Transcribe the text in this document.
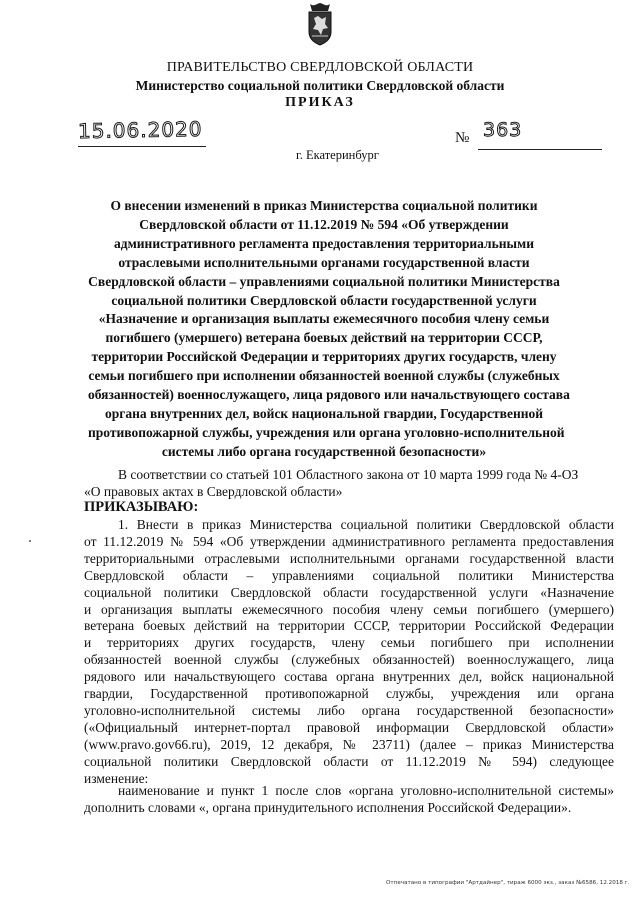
ПРАВИТЕЛЬСТВО СВЕРДЛОВСКОЙ ОБЛАСТИ
Министерство социальной политики Свердловской области
ПРИКАЗ
15.06.2020	№ 363
г. Екатеринбург
О внесении изменений в приказ Министерства социальной политики
Свердловской области от 11.12.2019 № 594 «Об утверждении
административного регламента предоставления территориальными
отраслевыми исполнительными органами государственной власти
Свердловской области – управлениями социальной политики Министерства
социальной политики Свердловской области государственной услуги
«Назначение и организация выплаты ежемесячного пособия члену семьи
погибшего (умершего) ветерана боевых действий на территории СССР,
территории Российской Федерации и территориях других государств, члену
семьи погибшего при исполнении обязанностей военной службы (служебных
обязанностей) военнослужащего, лица рядового или начальствующего состава
органа внутренних дел, войск национальной гвардии, Государственной
противопожарной службы, учреждения или органа уголовно-исполнительной
системы либо органа государственной безопасности»
В соответствии со статьей 101 Областного закона от 10 марта 1999 года № 4-ОЗ
«О правовых актах в Свердловской области»
ПРИКАЗЫВАЮ:
1. Внести в приказ Министерства социальной политики Свердловской области
от 11.12.2019 № 594 «Об утверждении административного регламента предоставления
территориальными отраслевыми исполнительными органами государственной власти
Свердловской области – управлениями социальной политики Министерства
социальной политики Свердловской области государственной услуги «Назначение
и организация выплаты ежемесячного пособия члену семьи погибшего (умершего)
ветерана боевых действий на территории СССР, территории Российской Федерации
и территориях других государств, члену семьи погибшего при исполнении
обязанностей военной службы (служебных обязанностей) военнослужащего, лица
рядового или начальствующего состава органа внутренних дел, войск национальной
гвардии, Государственной противопожарной службы, учреждения или органа
уголовно-исполнительной системы либо органа государственной безопасности»
(«Официальный интернет-портал правовой информации Свердловской области»
(www.pravo.gov66.ru), 2019, 12 декабря, № 23711) (далее – приказ Министерства
социальной политики Свердловской области от 11.12.2019 № 594) следующее
изменение:
наименование и пункт 1 после слов «органа уголовно-исполнительной системы»
дополнить словами «, органа принудительного исполнения Российской Федерации».
Отпечатано в типографии "Артдайнер", тираж 6000 экз., заказ №6586, 12.2018 г.
